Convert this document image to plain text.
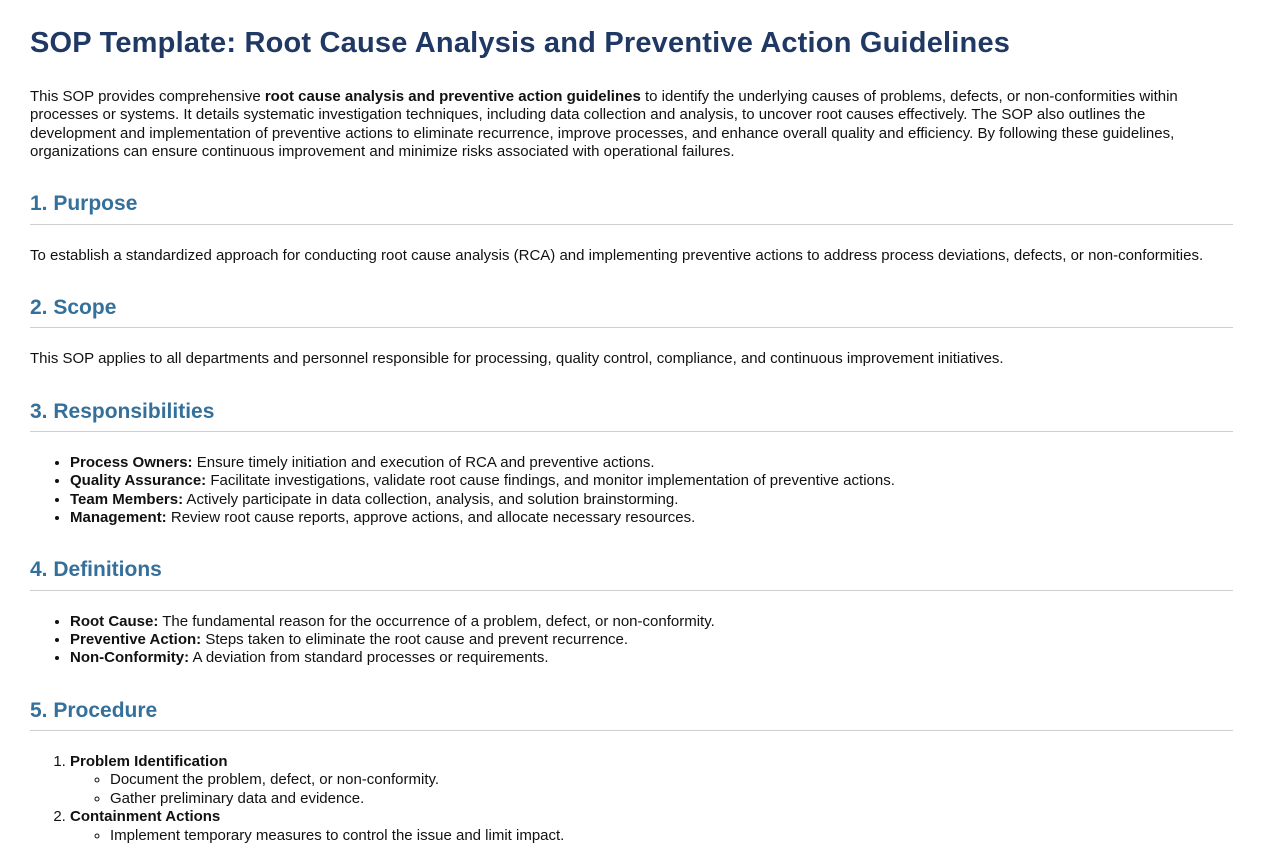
SOP Template: Root Cause Analysis and Preventive Action Guidelines

This SOP provides comprehensive root cause analysis and preventive action guidelines to identify the underlying causes of problems, defects, or non-conformities within processes or systems. It details systematic investigation techniques, including data collection and analysis, to uncover root causes effectively. The SOP also outlines the development and implementation of preventive actions to eliminate recurrence, improve processes, and enhance overall quality and efficiency. By following these guidelines, organizations can ensure continuous improvement and minimize risks associated with operational failures.

1. Purpose

To establish a standardized approach for conducting root cause analysis (RCA) and implementing preventive actions to address process deviations, defects, or non-conformities.

2. Scope

This SOP applies to all departments and personnel responsible for processing, quality control, compliance, and continuous improvement initiatives.

3. Responsibilities
• Process Owners: Ensure timely initiation and execution of RCA and preventive actions.
• Quality Assurance: Facilitate investigations, validate root cause findings, and monitor implementation of preventive actions.
• Team Members: Actively participate in data collection, analysis, and solution brainstorming.
• Management: Review root cause reports, approve actions, and allocate necessary resources.
4. Definitions
• Root Cause: The fundamental reason for the occurrence of a problem, defect, or non-conformity.
• Preventive Action: Steps taken to eliminate the root cause and prevent recurrence.
• Non-Conformity: A deviation from standard processes or requirements.
5. Procedure
1. Problem Identification
◦ Document the problem, defect, or non-conformity.
◦ Gather preliminary data and evidence.
2. Containment Actions
◦ Implement temporary measures to control the issue and limit impact.
